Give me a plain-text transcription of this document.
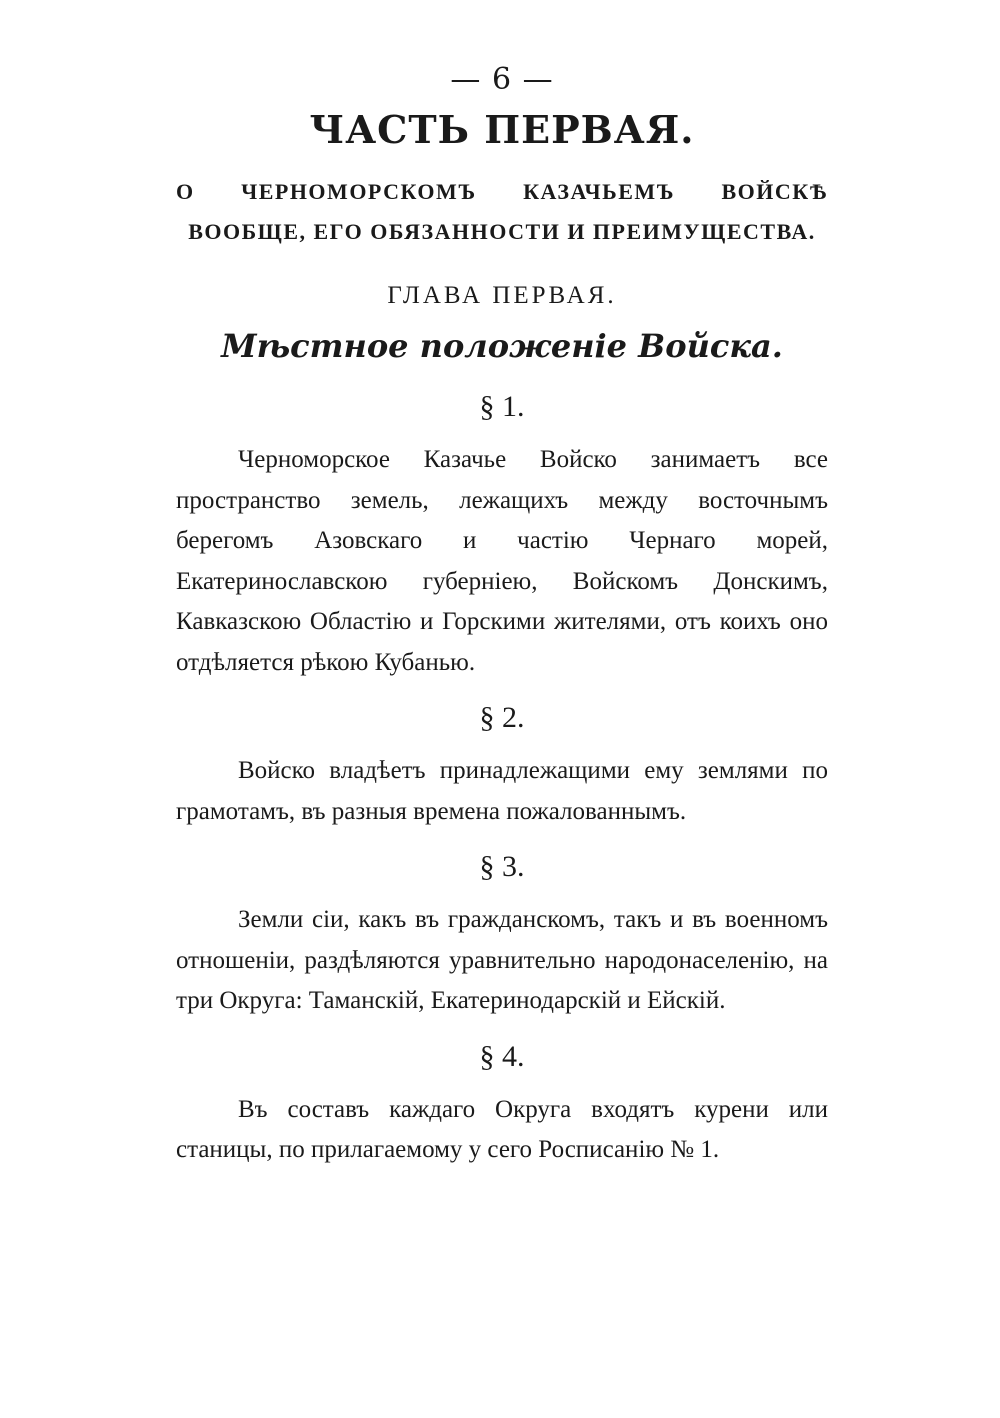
— 6 —
ЧАСТЬ ПЕРВАЯ.
О ЧЕРНОМОРСКОМЪ КАЗАЧЬЕМЪ ВОЙСКѢ ВООБЩЕ, ЕГО ОБЯЗАННОСТИ И ПРЕИМУЩЕСТВА.
ГЛАВА ПЕРВАЯ.
Мѣстное положенiе Войска.
§ 1.

Черноморское Казачье Войско занимаетъ все пространство земель, лежащихъ между восточнымъ берегомъ Азовскаго и частiю Чернаго морей, Екатеринославскою губернiею, Войскомъ Донскимъ, Кавказскою Областiю и Горскими жителями, отъ коихъ оно отдѣляется рѣкою Кубанью.

§ 2.

Войско владѣетъ принадлежащими ему землями по грамотамъ, въ разныя времена пожалованнымъ.

§ 3.

Земли сiи, какъ въ гражданскомъ, такъ и въ военномъ отношенiи, раздѣляются уравнительно народонаселенiю, на три Округа: Таманскiй, Екатеринодарскiй и Ейскiй.

§ 4.

Въ составъ каждаго Округа входятъ курени или станицы, по прилагаемому у сего Росписанiю № 1.
